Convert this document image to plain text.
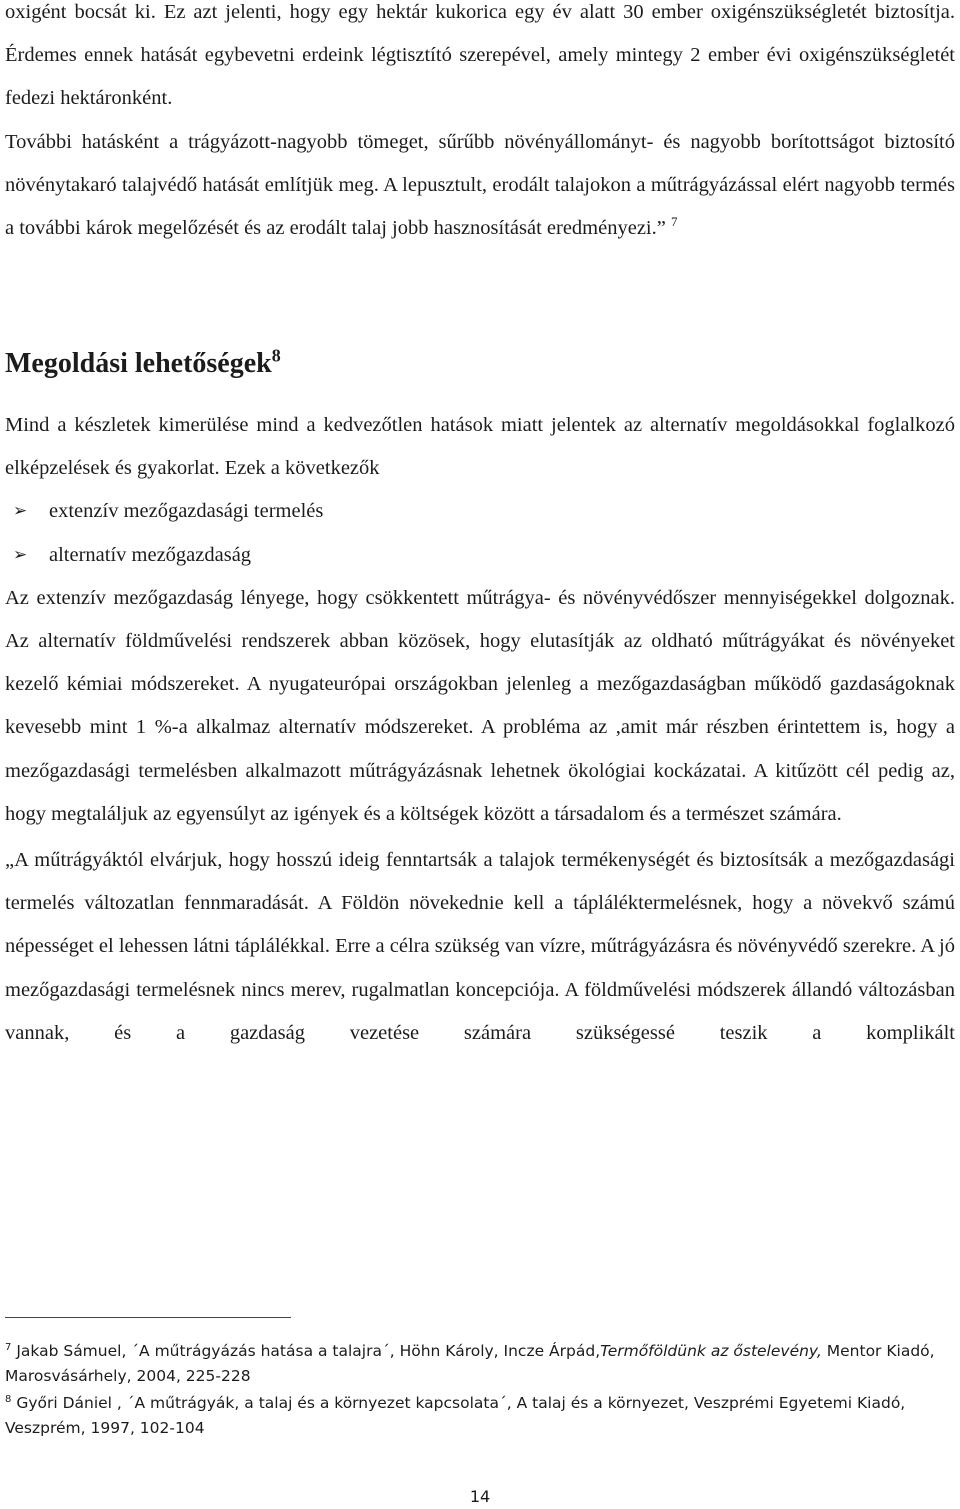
oxigént bocsát ki. Ez azt jelenti, hogy egy hektár kukorica egy év alatt 30 ember oxigénszükségletét biztosítja. Érdemes ennek hatását egybevetni erdeink légtisztító szerepével, amely mintegy 2 ember évi oxigénszükségletét fedezi hektáronként.

További hatásként a trágyázott-nagyobb tömeget, sűrűbb növényállományt- és nagyobb borítottságot biztosító növénytakaró talajvédő hatását említjük meg. A lepusztult, erodált talajokon a műtrágyázással elért nagyobb termés a további károk megelőzését és az erodált talaj jobb hasznosítását eredményezi.” $^7$

Megoldási lehetőségek$^8$

Mind a készletek kimerülése mind a kedvezőtlen hatások miatt jelentek az alternatív megoldásokkal foglalkozó elképzelések és gyakorlat. Ezek a következők

➢	extenzív mezőgazdasági termelés
➢	alternatív mezőgazdaság

Az extenzív mezőgazdaság lényege, hogy csökkentett műtrágya- és növényvédőszer mennyiségekkel dolgoznak. Az alternatív földművelési rendszerek abban közösek, hogy elutasítják az oldható műtrágyákat és növényeket kezelő kémiai módszereket. A nyugateurópai országokban jelenleg a mezőgazdaságban működő gazdaságoknak kevesebb mint 1 %-a alkalmaz alternatív módszereket. A probléma az ,amit már részben érintettem is, hogy a mezőgazdasági termelésben alkalmazott műtrágyázásnak lehetnek ökológiai kockázatai. A kitűzött cél pedig az, hogy megtaláljuk az egyensúlyt az igények és a költségek között a társadalom és a természet számára.

„A műtrágyáktól elvárjuk, hogy hosszú ideig fenntartsák a talajok termékenységét és biztosítsák a mezőgazdasági termelés változatlan fennmaradását. A Földön növekednie kell a tápláléktermelésnek, hogy a növekvő számú népességet el lehessen látni táplálékkal. Erre a célra szükség van vízre, műtrágyázásra és növényvédő szerekre. A jó mezőgazdasági termelésnek nincs merev, rugalmatlan koncepciója. A földművelési módszerek állandó változásban vannak, és a gazdaság vezetése számára szükségessé teszik a komplikált

$^7$ Jakab Sámuel, ´A műtrágyázás hatása a talajra´, Höhn Károly, Incze Árpád,Termőföldünk az őstelevény, Mentor Kiadó, Marosvásárhely, 2004, 225-228

$^8$ Győri Dániel , ´A műtrágyák, a talaj és a környezet kapcsolata´, A talaj és a környezet, Veszprémi Egyetemi Kiadó, Veszprém, 1997, 102-104

14
